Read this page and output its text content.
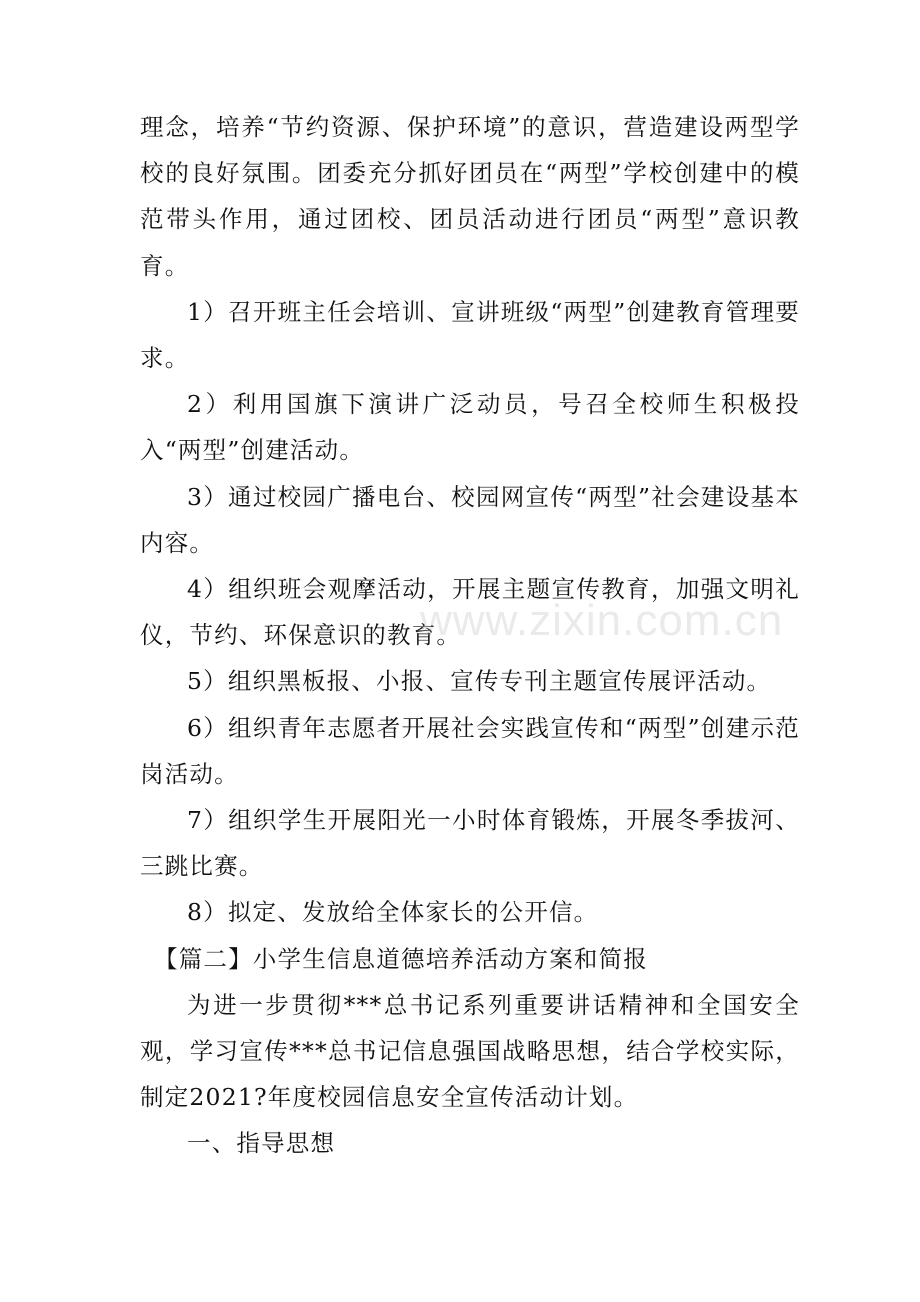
理念，培养“节约资源、保护环境”的意识，营造建设两型学校的良好氛围。团委充分抓好团员在“两型”学校创建中的模范带头作用，通过团校、团员活动进行团员“两型”意识教育。

1）召开班主任会培训、宣讲班级“两型”创建教育管理要求。

2）利用国旗下演讲广泛动员，号召全校师生积极投入“两型”创建活动。

3）通过校园广播电台、校园网宣传“两型”社会建设基本内容。

4）组织班会观摩活动，开展主题宣传教育，加强文明礼仪，节约、环保意识的教育。

5）组织黑板报、小报、宣传专刊主题宣传展评活动。

6）组织青年志愿者开展社会实践宣传和“两型”创建示范岗活动。

7）组织学生开展阳光一小时体育锻炼，开展冬季拔河、三跳比赛。

8）拟定、发放给全体家长的公开信。

【篇二】小学生信息道德培养活动方案和简报

为进一步贯彻***总书记系列重要讲话精神和全国安全观，学习宣传***总书记信息强国战略思想，结合学校实际，制定2021?年度校园信息安全宣传活动计划。

一、指导思想

www.zixin.com.cn
